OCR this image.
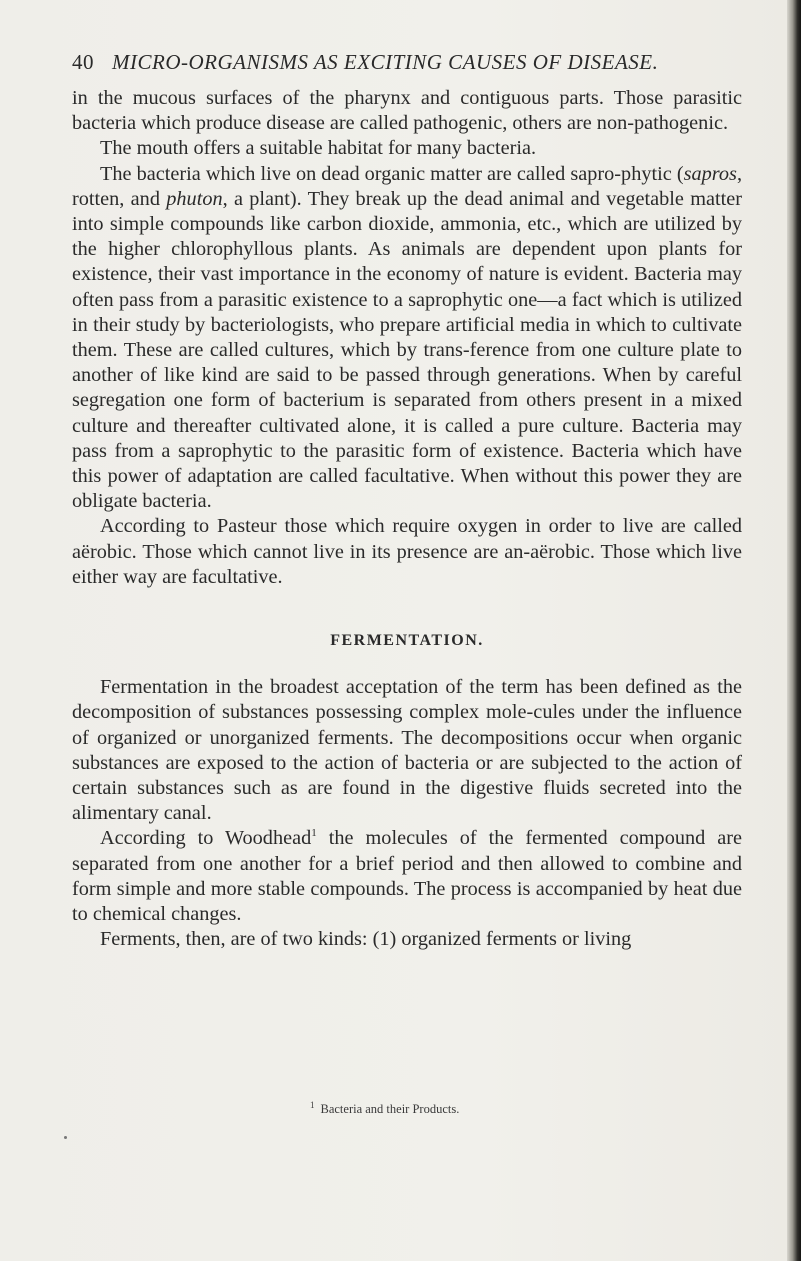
40 MICRO-ORGANISMS AS EXCITING CAUSES OF DISEASE.

in the mucous surfaces of the pharynx and contiguous parts. Those parasitic bacteria which produce disease are called pathogenic, others are non-pathogenic.

The mouth offers a suitable habitat for many bacteria.

The bacteria which live on dead organic matter are called sapro-phytic (sapros, rotten, and phuton, a plant). They break up the dead animal and vegetable matter into simple compounds like carbon dioxide, ammonia, etc., which are utilized by the higher chlorophyllous plants. As animals are dependent upon plants for existence, their vast importance in the economy of nature is evident. Bacteria may often pass from a parasitic existence to a saprophytic one—a fact which is utilized in their study by bacteriologists, who prepare artificial media in which to cultivate them. These are called cultures, which by trans-ference from one culture plate to another of like kind are said to be passed through generations. When by careful segregation one form of bacterium is separated from others present in a mixed culture and thereafter cultivated alone, it is called a pure culture. Bacteria may pass from a saprophytic to the parasitic form of existence. Bacteria which have this power of adaptation are called facultative. When without this power they are obligate bacteria.

According to Pasteur those which require oxygen in order to live are called aërobic. Those which cannot live in its presence are an-aërobic. Those which live either way are facultative.

FERMENTATION.

Fermentation in the broadest acceptation of the term has been defined as the decomposition of substances possessing complex mole-cules under the influence of organized or unorganized ferments. The decompositions occur when organic substances are exposed to the action of bacteria or are subjected to the action of certain substances such as are found in the digestive fluids secreted into the alimentary canal.

According to Woodhead$^1$ the molecules of the fermented compound are separated from one another for a brief period and then allowed to combine and form simple and more stable compounds. The process is accompanied by heat due to chemical changes.

Ferments, then, are of two kinds: (1) organized ferments or living

$^1$ Bacteria and their Products.
